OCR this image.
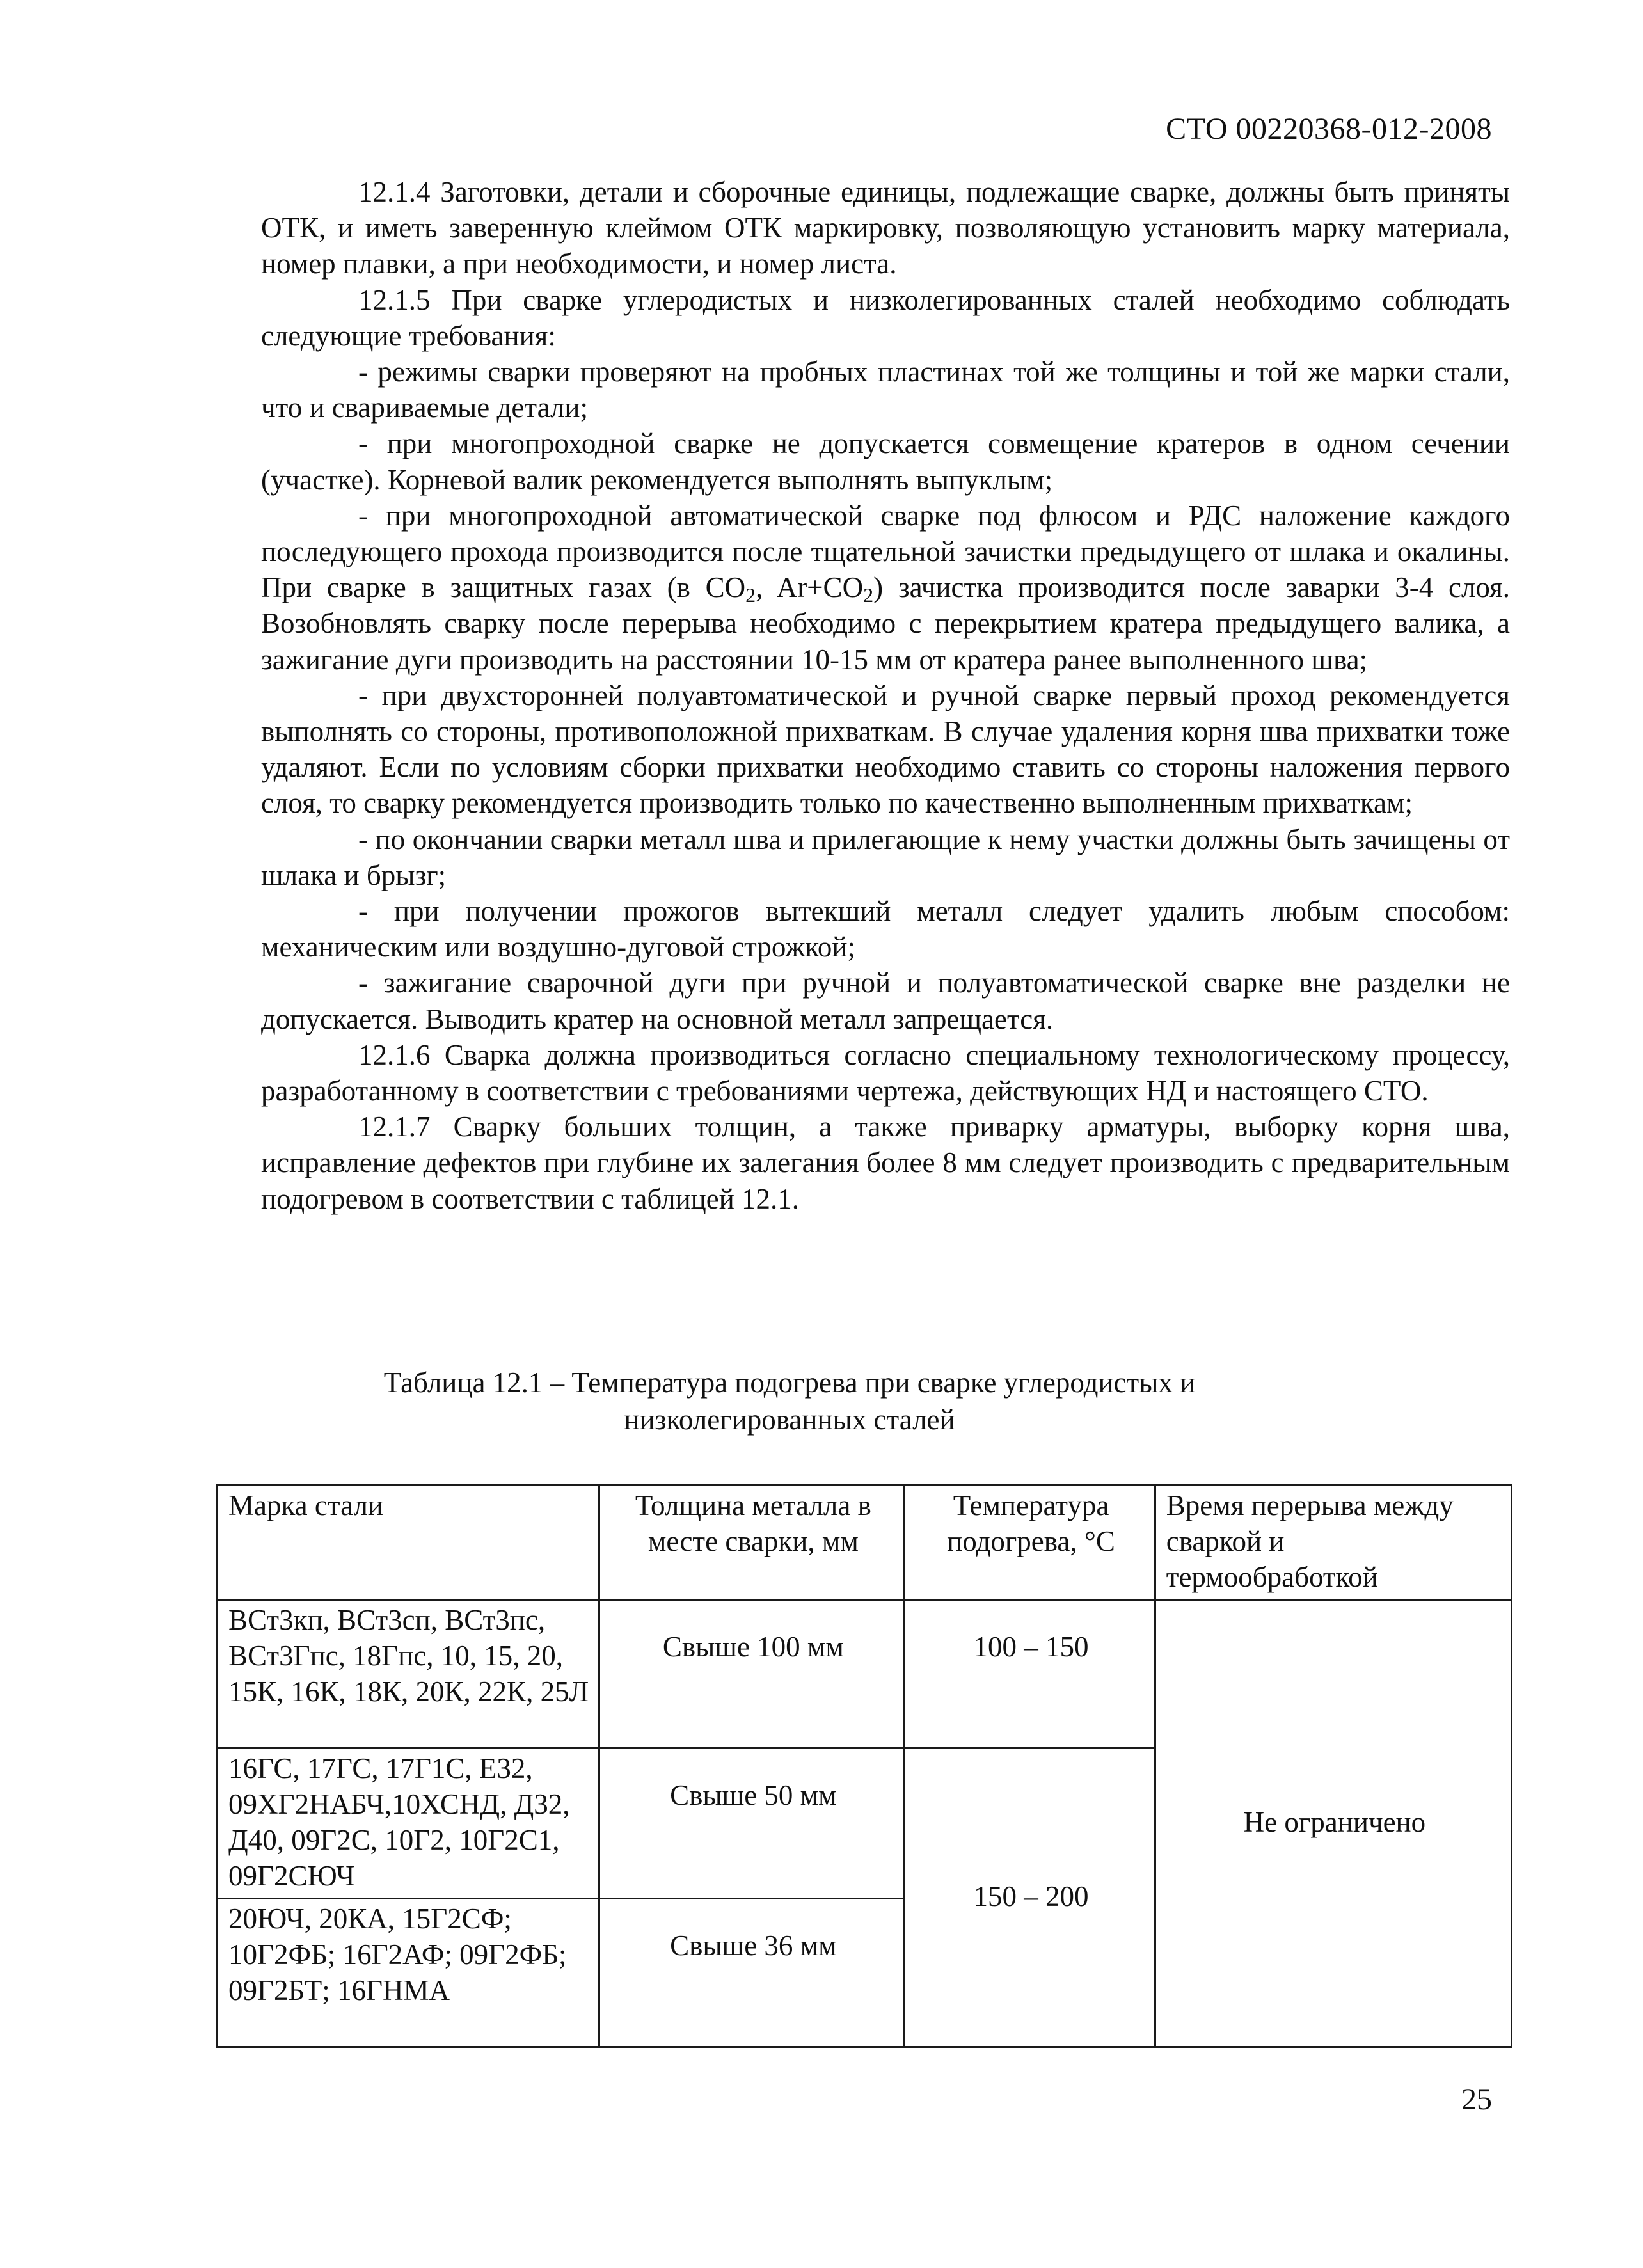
СТО 00220368-012-2008

12.1.4 Заготовки, детали и сборочные единицы, подлежащие сварке, должны быть приняты ОТК, и иметь заверенную клеймом ОТК маркировку, позволяющую установить марку материала, номер плавки, а при необходимости, и номер листа.

12.1.5 При сварке углеродистых и низколегированных сталей необходимо соблюдать следующие требования:

- режимы сварки проверяют на пробных пластинах той же толщины и той же марки стали, что и свариваемые детали;

- при многопроходной сварке не допускается совмещение кратеров в одном сечении (участке). Корневой валик рекомендуется выполнять выпуклым;

- при многопроходной автоматической сварке под флюсом и РДС наложение каждого последующего прохода производится после тщательной зачистки предыдущего от шлака и окалины. При сварке в защитных газах (в $CO_2$, $Ar+CO_2$) зачистка производится после заварки 3-4 слоя. Возобновлять сварку после перерыва необходимо с перекрытием кратера предыдущего валика, а зажигание дуги производить на расстоянии 10-15 мм от кратера ранее выполненного шва;

- при двухсторонней полуавтоматической и ручной сварке первый проход рекомендуется выполнять со стороны, противоположной прихваткам. В случае удаления корня шва прихватки тоже удаляют. Если по условиям сборки прихватки необходимо ставить со стороны наложения первого слоя, то сварку рекомендуется производить только по качественно выполненным прихваткам;

- по окончании сварки металл шва и прилегающие к нему участки должны быть зачищены от шлака и брызг;

- при получении прожогов вытекший металл следует удалить любым способом: механическим или воздушно-дуговой строжкой;

- зажигание сварочной дуги при ручной и полуавтоматической сварке вне разделки не допускается. Выводить кратер на основной металл запрещается.

12.1.6 Сварка должна производиться согласно специальному технологическому процессу, разработанному в соответствии с требованиями чертежа, действующих НД и настоящего СТО.

12.1.7 Сварку больших толщин, а также приварку арматуры, выборку корня шва, исправление дефектов при глубине их залегания более 8 мм следует производить с предварительным подогревом в соответствии с таблицей 12.1.

Таблица 12.1 – Температура подогрева при сварке углеродистых и
низколегированных сталей
Марка стали	Толщина металла в месте сварки, мм	Температура подогрева, °С	Время перерыва между сваркой и термообработкой
ВСт3кп, ВСт3сп, ВСт3пс, ВСт3Гпс, 18Гпс, 10, 15, 20, 15К, 16К, 18К, 20К, 22К, 25Л	Свыше 100 мм	100 – 150	Не ограничено
16ГС, 17ГС, 17Г1С, Е32, 09ХГ2НАБЧ,10ХСНД, Д32, Д40, 09Г2С, 10Г2, 10Г2С1, 09Г2СЮЧ	Свыше 50 мм	150 – 200	
20ЮЧ, 20КА, 15Г2СФ; 10Г2ФБ; 16Г2АФ; 09Г2ФБ; 09Г2БТ; 16ГНМА	Свыше 36 мм		
25
